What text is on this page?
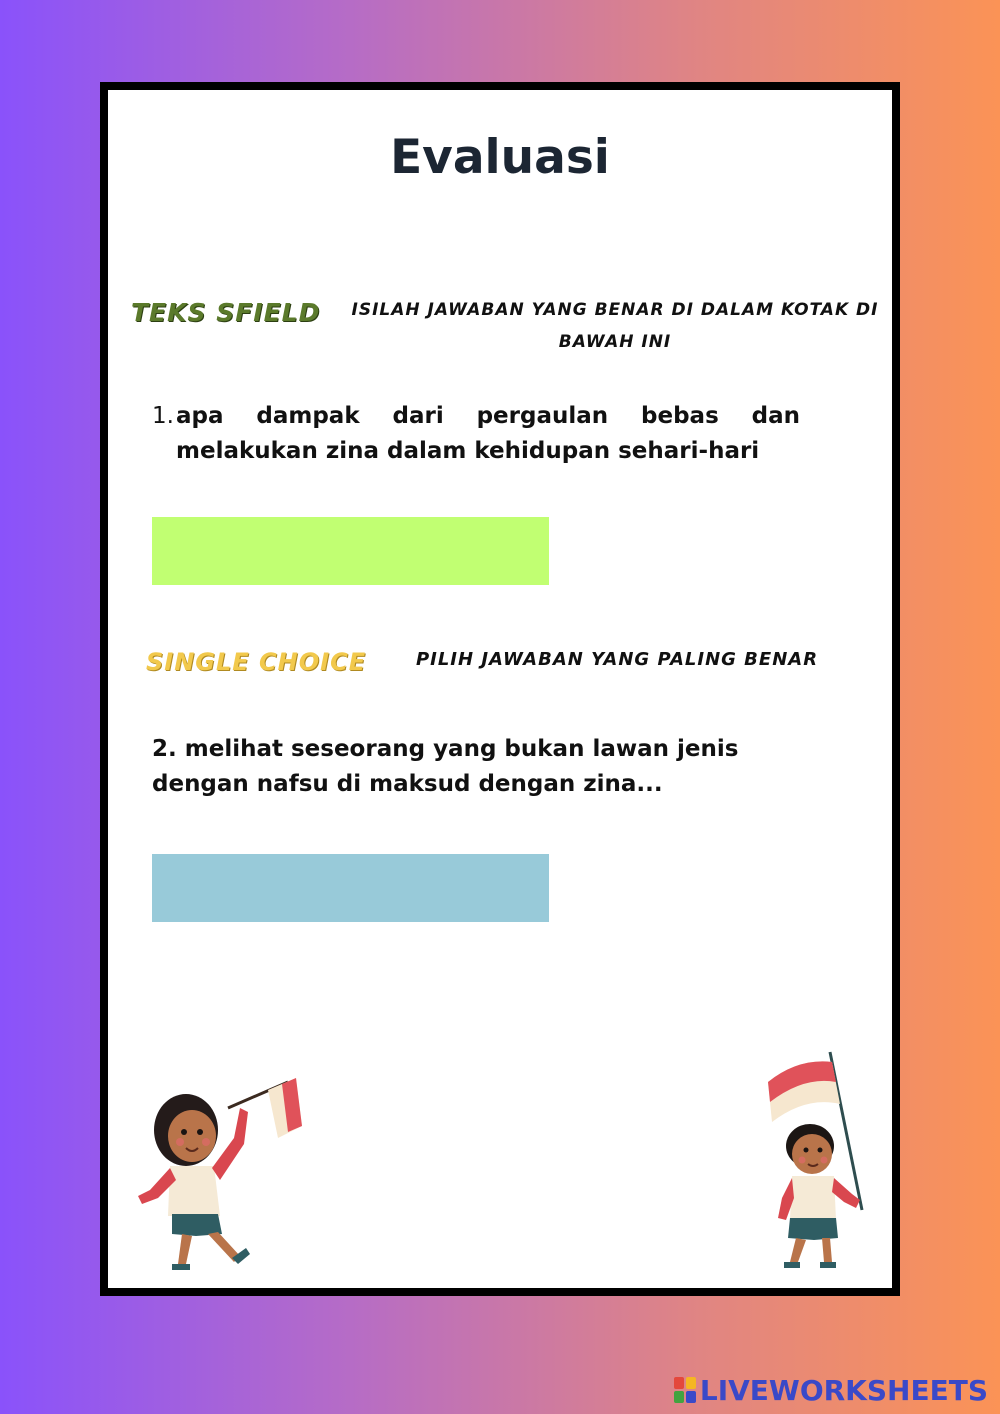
Evaluasi
TEKS SFIELD ISILAH JAWABAN YANG BENAR DI DALAM KOTAK DI BAWAH INI
1. apa dampak dari pergaulan bebas dan melakukan zina dalam kehidupan sehari-hari
SINGLE CHOICE	PILIH JAWABAN YANG PALING BENAR

2. melihat seseorang yang bukan lawan jenis dengan nafsu di maksud dengan zina...

LIVEWORKSHEETS
